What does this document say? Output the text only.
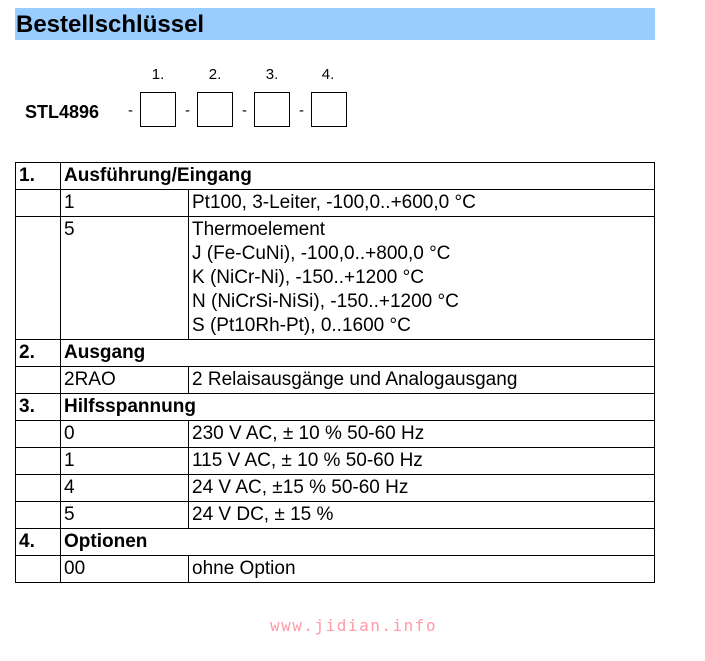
Bestellschlüssel
1.	2.	3.	4.
STL4896 -	-	-	-
1.	Ausführung/Eingang	
	1	Pt100, 3-Leiter, -100,0..+600,0 °C

	5	Thermoelement
J (Fe-CuNi), -100,0..+800,0 °C
K (NiCr-Ni), -150..+1200 °C
N (NiCrSi-NiSi), -150..+1200 °C
S (Pt10Rh-Pt), 0..1600 °C

2.	Ausgang	
	2RAO	2 Relaisausgänge und Analogausgang

3.	Hilfsspannung	
	0	230 V AC, ± 10 % 50-60 Hz

	1	115 V AC, ± 10 % 50-60 Hz

	4	24 V AC, ±15 % 50-60 Hz

	5	24 V DC, ± 15 %

4.	Optionen	
	00	ohne Option
www.jidian.info
